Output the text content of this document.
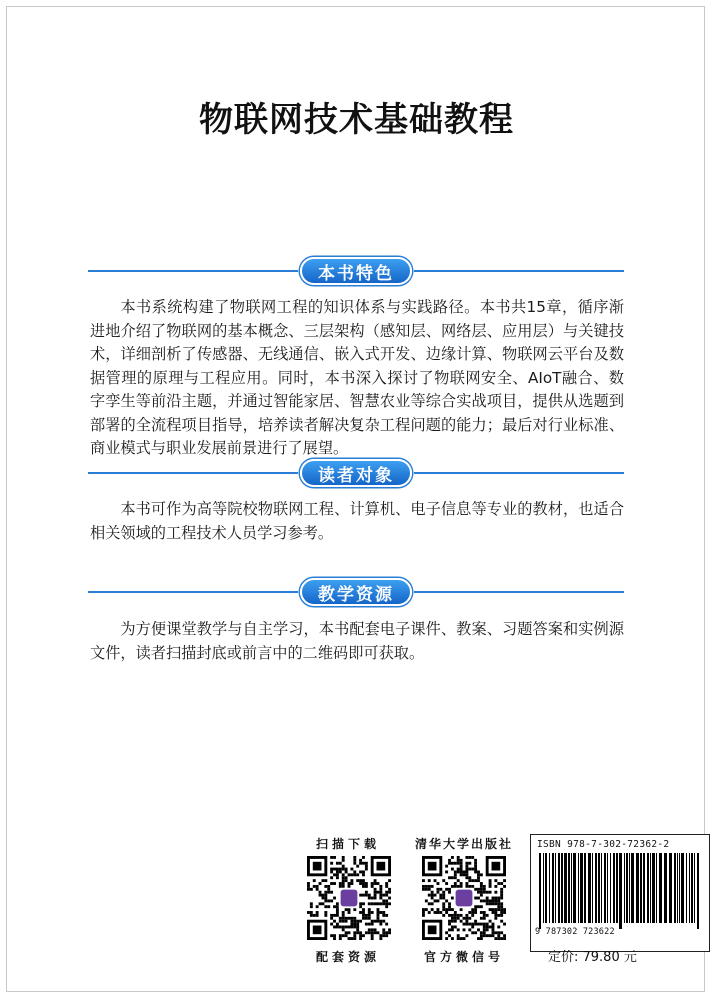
物联网技术基础教程
本书特色
本书系统构建了物联网工程的知识体系与实践路径。本书共15章，循序渐进地介绍了物联网的基本概念、三层架构（感知层、网络层、应用层）与关键技术，详细剖析了传感器、无线通信、嵌入式开发、边缘计算、物联网云平台及数据管理的原理与工程应用。同时，本书深入探讨了物联网安全、AIoT融合、数字孪生等前沿主题，并通过智能家居、智慧农业等综合实战项目，提供从选题到部署的全流程项目指导，培养读者解决复杂工程问题的能力；最后对行业标准、商业模式与职业发展前景进行了展望。
读者对象
本书可作为高等院校物联网工程、计算机、电子信息等专业的教材，也适合相关领域的工程技术人员学习参考。
教学资源
为方便课堂教学与自主学习，本书配套电子课件、教案、习题答案和实例源文件，读者扫描封底或前言中的二维码即可获取。
扫描下载
配套资源
清华大学出版社
官方微信号
ISBN 978-7-302-72362-2
9 787302 723622
定价: 79.80 元
